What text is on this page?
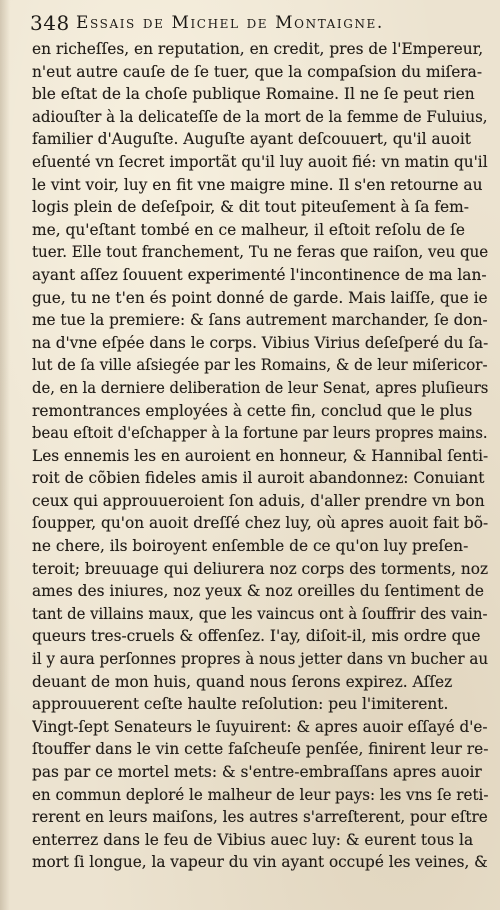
348 Essais de Michel de Montaigne.
en richeſſes, en reputation, en credit, pres de l'Empereur,
n'eut autre cauſe de ſe tuer, que la compaſsion du miſera-
ble eſtat de la choſe publique Romaine. Il ne ſe peut rien
adiouſter à la delicateſſe de la mort de la femme de Fuluius,
familier d'Auguſte. Auguſte ayant deſcouuert, qu'il auoit
eſuenté vn ſecret importãt qu'il luy auoit fié: vn matin qu'il
le vint voir, luy en fit vne maigre mine. Il s'en retourne au
logis plein de deſeſpoir, & dit tout piteuſement à ſa fem-
me, qu'eſtant tombé en ce malheur, il eſtoit reſolu de ſe
tuer. Elle tout franchement, Tu ne feras que raiſon, veu que
ayant aſſez ſouuent experimenté l'incontinence de ma lan-
gue, tu ne t'en és point donné de garde. Mais laiſſe, que ie
me tue la premiere: & ſans autrement marchander, ſe don-
na d'vne eſpée dans le corps. Vibius Virius deſeſperé du ſa-
lut de ſa ville aſsiegée par les Romains, & de leur miſericor-
de, en la derniere deliberation de leur Senat, apres pluſieurs
remontrances employées à cette fin, conclud que le plus
beau eſtoit d'eſchapper à la fortune par leurs propres mains.
Les ennemis les en auroient en honneur, & Hannibal ſenti-
roit de cõbien fideles amis il auroit abandonnez: Conuiant
ceux qui approuueroient ſon aduis, d'aller prendre vn bon
ſoupper, qu'on auoit dreſſé chez luy, où apres auoit fait bõ-
ne chere, ils boiroyent enſemble de ce qu'on luy preſen-
teroit; breuuage qui deliurera noz corps des torments, noz
ames des iniures, noz yeux & noz oreilles du ſentiment de
tant de villains maux, que les vaincus ont à ſouffrir des vain-
queurs tres-cruels & offenſez. I'ay, diſoit-il, mis ordre que
il y aura perſonnes propres à nous jetter dans vn bucher au
deuant de mon huis, quand nous ſerons expirez. Aſſez
approuuerent ceſte haulte reſolution: peu l'imiterent.
Vingt-ſept Senateurs le ſuyuirent: & apres auoir eſſayé d'e-
ſtouffer dans le vin cette faſcheuſe penſée, finirent leur re-
pas par ce mortel mets: & s'entre-embraſſans apres auoir
en commun deploré le malheur de leur pays: les vns ſe reti-
rerent en leurs maiſons, les autres s'arreſterent, pour eſtre
enterrez dans le feu de Vibius auec luy: & eurent tous la
mort ſi longue, la vapeur du vin ayant occupé les veines, &
